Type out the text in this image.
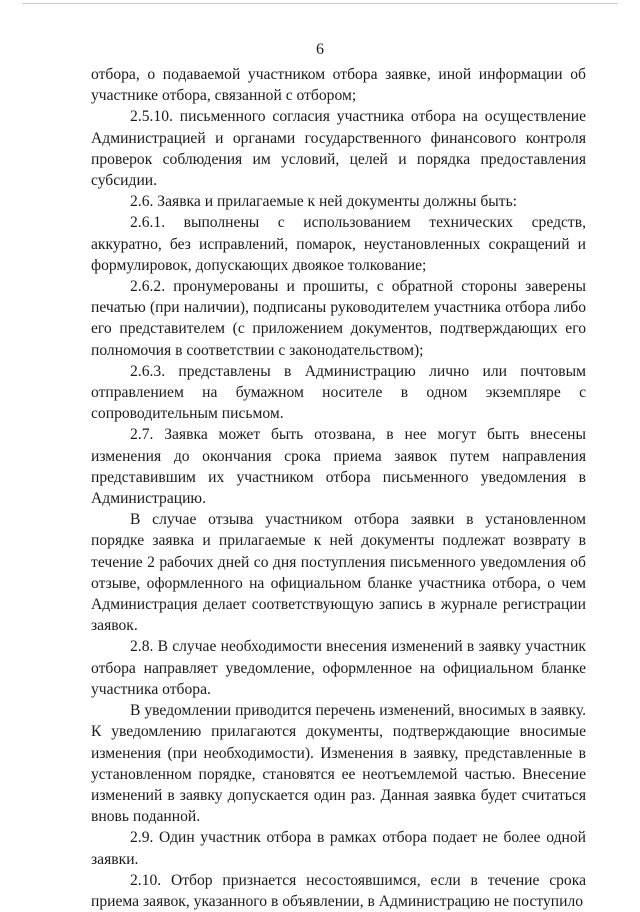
6

отбора, о подаваемой участником отбора заявке, иной информации об участнике отбора, связанной с отбором;

2.5.10. письменного согласия участника отбора на осуществление Администрацией и органами государственного финансового контроля проверок соблюдения им условий, целей и порядка предоставления субсидии.

2.6. Заявка и прилагаемые к ней документы должны быть:

2.6.1. выполнены с использованием технических средств, аккуратно, без исправлений, помарок, неустановленных сокращений и формулировок, допускающих двоякое толкование;

2.6.2. пронумерованы и прошиты, с обратной стороны заверены печатью (при наличии), подписаны руководителем участника отбора либо его представителем (с приложением документов, подтверждающих его полномочия в соответствии с законодательством);

2.6.3. представлены в Администрацию лично или почтовым отправлением на бумажном носителе в одном экземпляре с сопроводительным письмом.

2.7. Заявка может быть отозвана, в нее могут быть внесены изменения до окончания срока приема заявок путем направления представившим их участником отбора письменного уведомления в Администрацию.

В случае отзыва участником отбора заявки в установленном порядке заявка и прилагаемые к ней документы подлежат возврату в течение 2 рабочих дней со дня поступления письменного уведомления об отзыве, оформленного на официальном бланке участника отбора, о чем Администрация делает соответствующую запись в журнале регистрации заявок.

2.8. В случае необходимости внесения изменений в заявку участник отбора направляет уведомление, оформленное на официальном бланке участника отбора.

В уведомлении приводится перечень изменений, вносимых в заявку. К уведомлению прилагаются документы, подтверждающие вносимые изменения (при необходимости). Изменения в заявку, представленные в установленном порядке, становятся ее неотъемлемой частью. Внесение изменений в заявку допускается один раз. Данная заявка будет считаться вновь поданной.

2.9. Один участник отбора в рамках отбора подает не более одной заявки.

2.10. Отбор признается несостоявшимся, если в течение срока приема заявок, указанного в объявлении, в Администрацию не поступило
